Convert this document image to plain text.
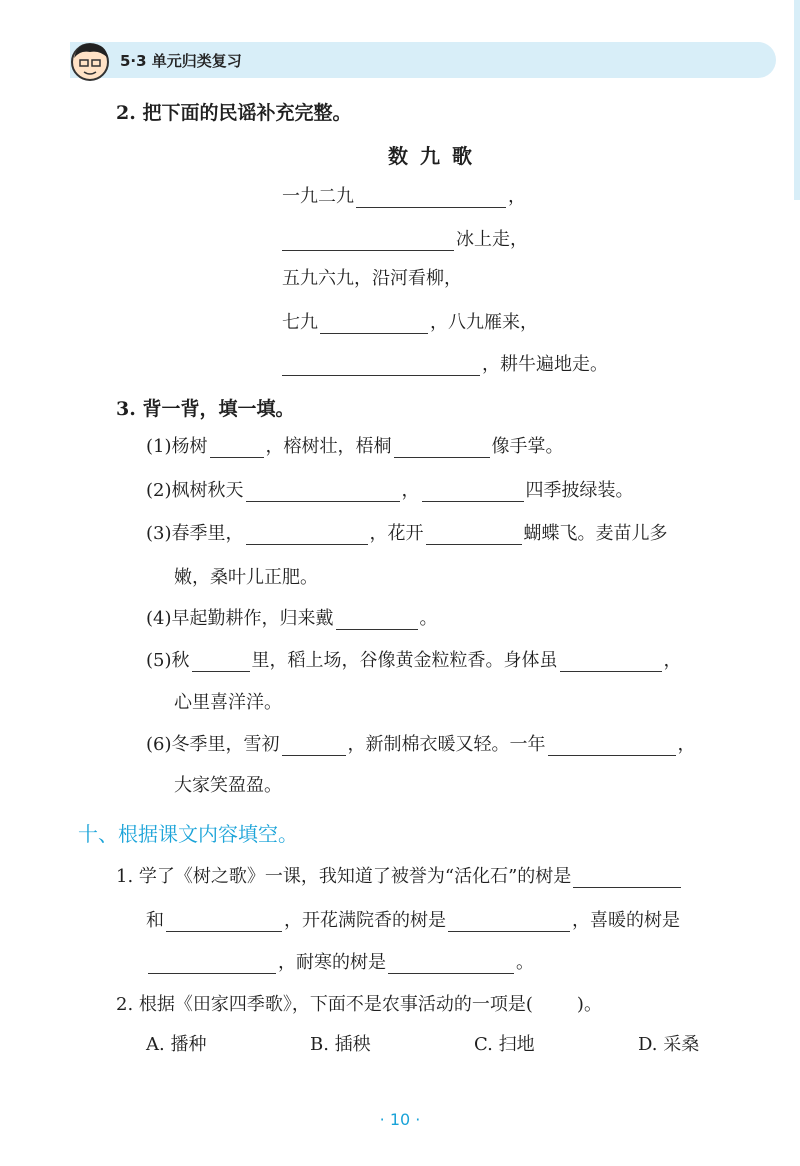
5·3 单元归类复习
2. 把下面的民谣补充完整。
数九歌
一九二九	，
冰上走，
五九六九，沿河看柳，
七九	，八九雁来，
，耕牛遍地走。
3. 背一背，填一填。
(1)杨树	，榕树壮，梧桐	像手掌。
(2)枫树秋天	，	四季披绿装。
(3)春季里，	，花开	蝴蝶飞。麦苗儿多
嫩，桑叶儿正肥。
(4)早起勤耕作，归来戴	。
(5)秋	里，稻上场，谷像黄金粒粒香。身体虽	，
心里喜洋洋。
(6)冬季里，雪初	，新制棉衣暖又轻。一年	，
大家笑盈盈。
十、根据课文内容填空。
1. 学了《树之歌》一课，我知道了被誉为“活化石”的树是
和	，开花满院香的树是	，喜暖的树是
，耐寒的树是	。
2. 根据《田家四季歌》，下面不是农事活动的一项是( )。
A. 播种	B. 插秧	C. 扫地	D. 采桑
· 10 ·
